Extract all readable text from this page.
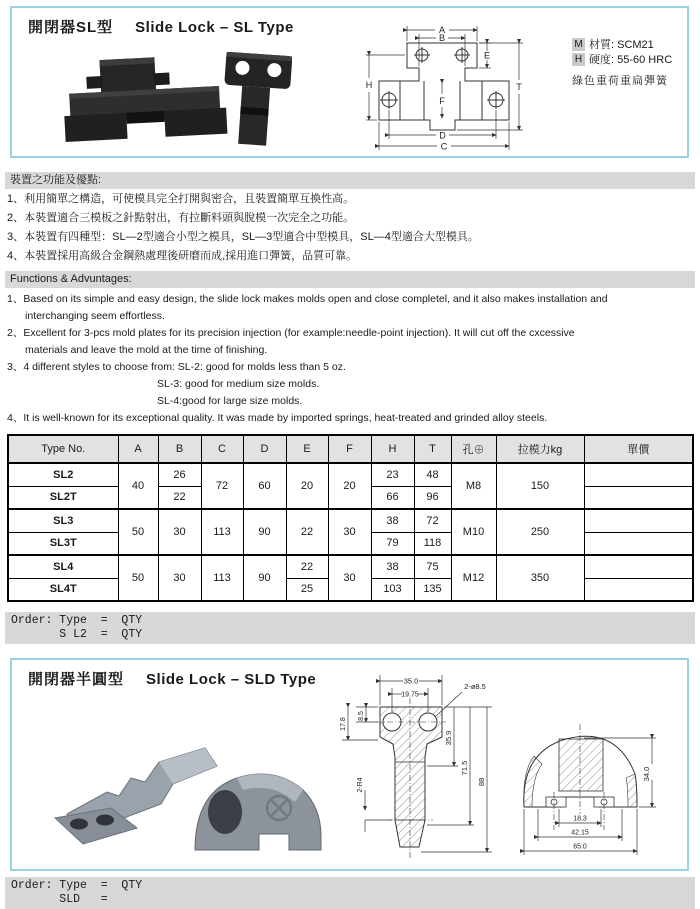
開閉器SL型 Slide Lock – SL Type	A
B
E
H
F
T
D
C
M 材質: SCM21
H 硬度: 55-60 HRC
綠色重荷重扁彈簧
裝置之功能及優點:
1、利用簡單之構造，可使模具完全打開與密合，且裝置簡單互換性高。
2、本裝置適合三模板之針點射出，有拉斷料頭與脫模一次完全之功能。
3、本裝置有四種型：SL—2型適合小型之模具，SL—3型適合中型模具，SL—4型適合大型模具。
4、本裝置採用高級合金鋼熱處理後研磨而成,採用進口彈簧，品質可靠。
Functions & Advuntages:
1、Based on its simple and easy design, the slide lock makes molds open and close completel, and it also makes installation and
interchanging seem effortless.
2、Excellent for 3-pcs mold plates for its precision injection (for example:needle-point injection). It will cut off the cxcessive
materials and leave the mold at the time of finishing.
3、4 different styles to choose from: SL-2: good for molds less than 5 oz.
SL-3: good for medium size molds.
SL-4:good for large size molds.
4、It is well-known for its exceptional quality. It was made by imported springs, heat-treated and grinded alloy steels.
Type No.	A	B	C	D	E	F	H	T	孔⊕	拉模力kg	單價
SL2	40	26	72	60	20	20	23	48	M8	150	
SL2T		22					66	96			
SL3	50	30	113	90	22	30	38	72	M10	250	
SL3T							79	118			
SL4	50	30	113	90	22	30	38	75	M12	350	
SL4T					25		103	135			
Order: Type  =  QTY
S L2  =  QTY
開閉器半圓型 Slide Lock – SLD Type	35.0
19.75
2-ø8.5
8.5
17.8
35.9
71.5
88
2-R4
34.0
18.3
42.15
65.0
Order: Type  =  QTY
SLD   =
